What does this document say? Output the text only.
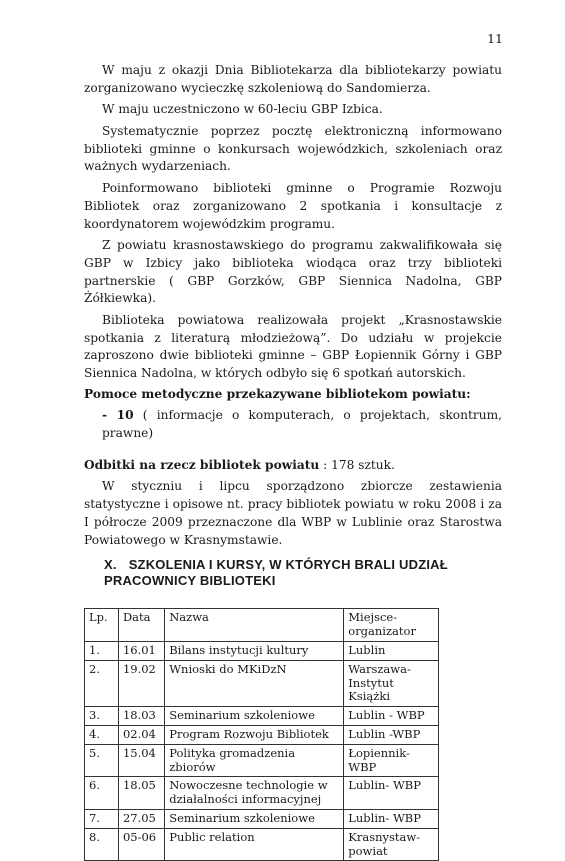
11

W maju z okazji Dnia Bibliotekarza dla bibliotekarzy powiatu zorganizowano wycieczkę szkoleniową do Sandomierza.

W maju uczestniczono w 60-leciu GBP Izbica.

Systematycznie poprzez pocztę elektroniczną informowano biblioteki gminne o konkursach wojewódzkich, szkoleniach oraz ważnych wydarzeniach.

Poinformowano biblioteki gminne o Programie Rozwoju Bibliotek oraz zorganizowano 2 spotkania i konsultacje z koordynatorem wojewódzkim programu.

Z powiatu krasnostawskiego do programu zakwalifikowała się GBP w Izbicy jako biblioteka wiodąca oraz trzy biblioteki partnerskie ( GBP Gorzków, GBP Siennica Nadolna, GBP Żółkiewka).

Biblioteka powiatowa realizowała projekt „Krasnostawskie spotkania z literaturą młodzieżową”. Do udziału w projekcie zaproszono dwie biblioteki gminne – GBP Łopiennik Górny i GBP Siennica Nadolna, w których odbyło się 6 spotkań autorskich.

Pomoce metodyczne przekazywane bibliotekom powiatu:

- 10 ( informacje o komputerach, o projektach, skontrum, prawne)

Odbitki na rzecz bibliotek powiatu : 178 sztuk.

W styczniu i lipcu sporządzono zbiorcze zestawienia statystyczne i opisowe nt. pracy bibliotek powiatu w roku 2008 i za I półrocze 2009 przeznaczone dla WBP w Lublinie oraz Starostwa Powiatowego w Krasnymstawie.

X. SZKOLENIA I KURSY, W KTÓRYCH BRALI UDZIAŁ PRACOWNICY BIBLIOTEKI
Lp.	Data	Nazwa	Miejsce-organizator
1.	16.01	Bilans instytucji kultury	Lublin
2.	19.02	Wnioski do MKiDzN	Warszawa-Instytut Książki
3.	18.03	Seminarium szkoleniowe	Lublin - WBP
4.	02.04	Program Rozwoju Bibliotek	Lublin -WBP
5.	15.04	Polityka gromadzenia zbiorów	Łopiennik- WBP
6.	18.05	Nowoczesne technologie w działalności informacyjnej	Lublin- WBP
7.	27.05	Seminarium szkoleniowe	Lublin- WBP
8.	05-06	Public relation	Krasnystaw-powiat
